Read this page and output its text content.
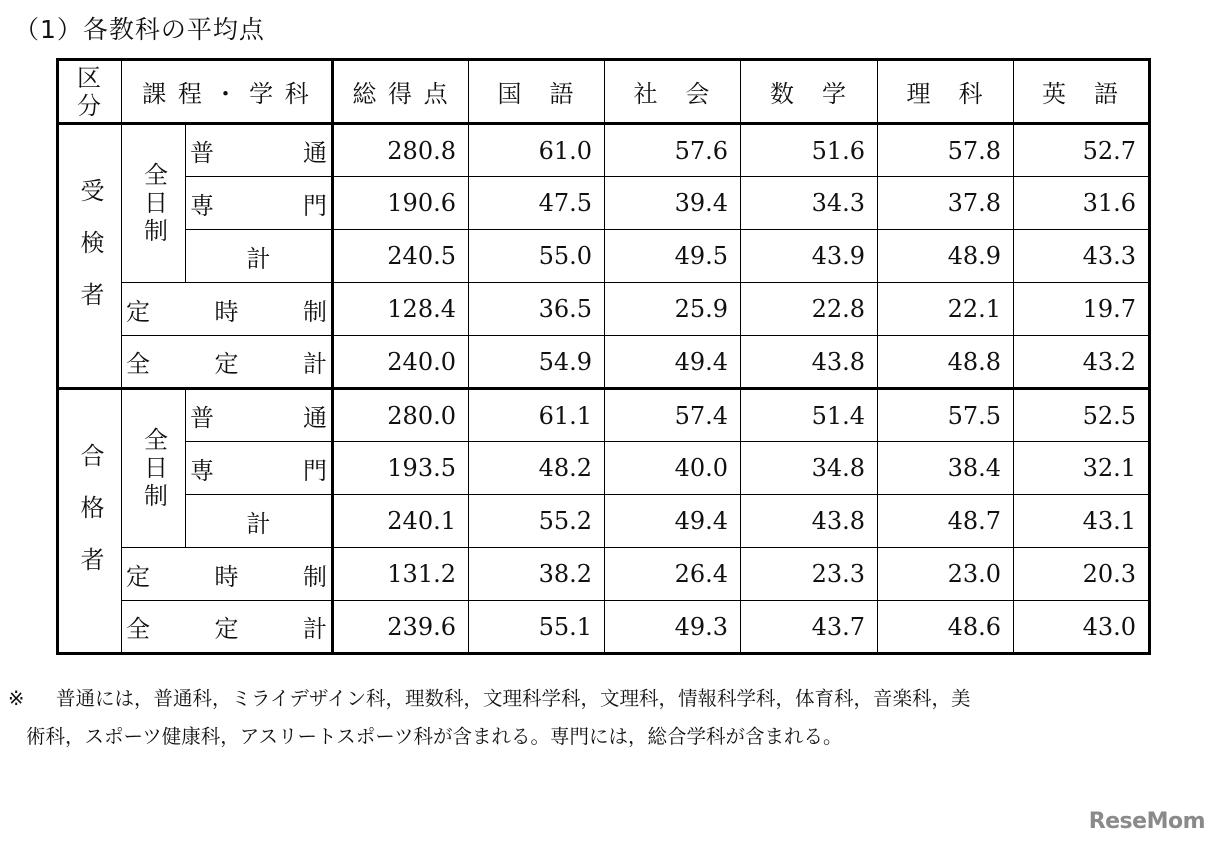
（1）各教科の平均点
区
分	課 程 ・ 学 科		総 得 点	国　語	社　会	数　学	理　科	英　語

受検者	全日制	普 通	280.8	61.0	57.6	51.6	57.8	52.7

		専 門	190.6	47.5	39.4	34.3	37.8	31.6

		計	240.5	55.0	49.5	43.9	48.9	43.3

	定 時 制		128.4	36.5	25.9	22.8	22.1	19.7

	全 定 計		240.0	54.9	49.4	43.8	48.8	43.2

合格者	全日制	普 通	280.0	61.1	57.4	51.4	57.5	52.5

		専 門	193.5	48.2	40.0	34.8	38.4	32.1

		計	240.1	55.2	49.4	43.8	48.7	43.1

	定 時 制		131.2	38.2	26.4	23.3	23.0	20.3

	全 定 計		239.6	55.1	49.3	43.7	48.6	43.0
※ 普通には，普通科，ミライデザイン科，理数科，文理科学科，文理科，情報科学科，体育科，音楽科，美
術科，スポーツ健康科，アスリートスポーツ科が含まれる。専門には，総合学科が含まれる。
ReseMom
